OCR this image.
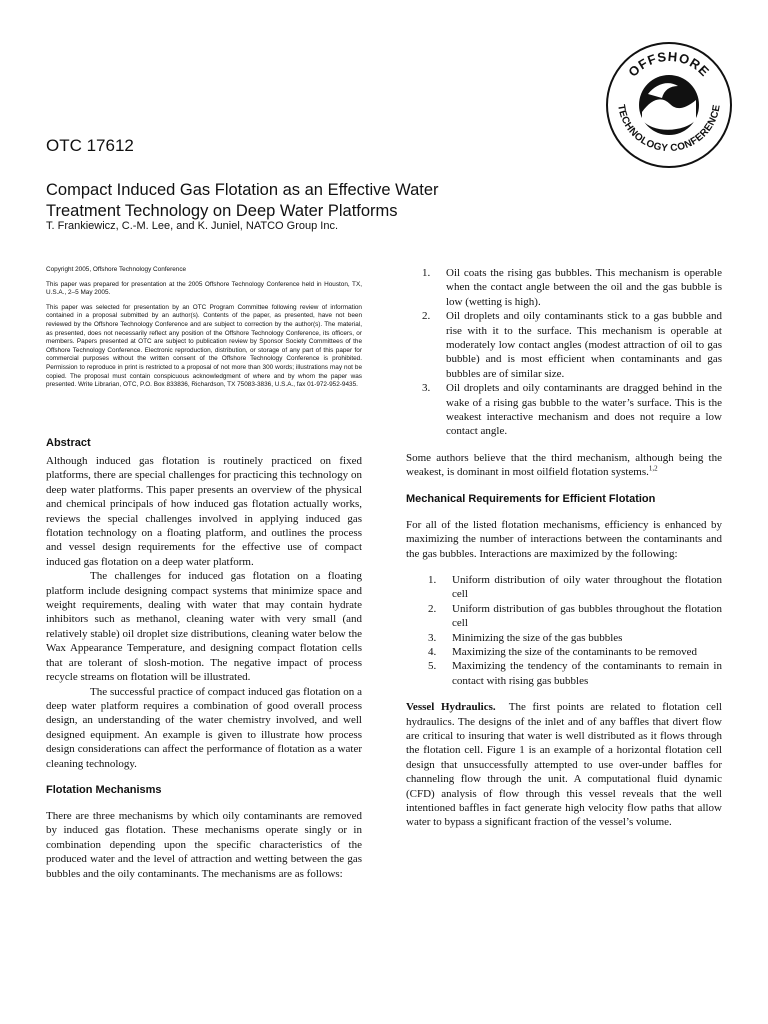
OFFSHORE
TECHNOLOGY CONFERENCE
OTC 17612
Compact Induced Gas Flotation as an Effective Water
Treatment Technology on Deep Water Platforms
T. Frankiewicz, C.-M. Lee, and K. Juniel, NATCO Group Inc.

Copyright 2005, Offshore Technology Conference

This paper was prepared for presentation at the 2005 Offshore Technology Conference held in Houston, TX, U.S.A., 2–5 May 2005.

This paper was selected for presentation by an OTC Program Committee following review of information contained in a proposal submitted by an author(s). Contents of the paper, as presented, have not been reviewed by the Offshore Technology Conference and are subject to correction by the author(s). The material, as presented, does not necessarily reflect any position of the Offshore Technology Conference, its officers, or members. Papers presented at OTC are subject to publication review by Sponsor Society Committees of the Offshore Technology Conference. Electronic reproduction, distribution, or storage of any part of this paper for commercial purposes without the written consent of the Offshore Technology Conference is prohibited. Permission to reproduce in print is restricted to a proposal of not more than 300 words; illustrations may not be copied. The proposal must contain conspicuous acknowledgment of where and by whom the paper was presented. Write Librarian, OTC, P.O. Box 833836, Richardson, TX 75083-3836, U.S.A., fax 01-972-952-9435.

Abstract

Although induced gas flotation is routinely practiced on fixed platforms, there are special challenges for practicing this technology on deep water platforms. This paper presents an overview of the physical and chemical principals of how induced gas flotation actually works, reviews the special challenges involved in applying induced gas flotation technology on a floating platform, and outlines the process and vessel design requirements for the effective use of compact induced gas flotation on a deep water platform.

The challenges for induced gas flotation on a floating platform include designing compact systems that minimize space and weight requirements, dealing with water that may contain hydrate inhibitors such as methanol, cleaning water with very small (and relatively stable) oil droplet size distributions, cleaning water below the Wax Appearance Temperature, and designing compact flotation cells that are tolerant of slosh-motion. The negative impact of process recycle streams on flotation will be illustrated.

The successful practice of compact induced gas flotation on a deep water platform requires a combination of good overall process design, an understanding of the water chemistry involved, and well designed equipment. An example is given to illustrate how process design considerations can affect the performance of flotation as a water cleaning technology.

Flotation Mechanisms

There are three mechanisms by which oily contaminants are removed by induced gas flotation. These mechanisms operate singly or in combination depending upon the specific characteristics of the produced water and the level of attraction and wetting between the gas bubbles and the oily contaminants. The mechanisms are as follows:

1. Oil coats the rising gas bubbles. This mechanism is operable when the contact angle between the oil and the gas bubble is low (wetting is high).
2. Oil droplets and oily contaminants stick to a gas bubble and rise with it to the surface. This mechanism is operable at moderately low contact angles (modest attraction of oil to gas bubble) and is most efficient when contaminants and gas bubbles are of similar size.
3. Oil droplets and oily contaminants are dragged behind in the wake of a rising gas bubble to the water’s surface. This is the weakest interactive mechanism and does not require a low contact angle.

Some authors believe that the third mechanism, although being the weakest, is dominant in most oilfield flotation systems.$^{1,2}$

Mechanical Requirements for Efficient Flotation

For all of the listed flotation mechanisms, efficiency is enhanced by maximizing the number of interactions between the contaminants and the gas bubbles. Interactions are maximized by the following:

1. Uniform distribution of oily water throughout the flotation cell
2. Uniform distribution of gas bubbles throughout the flotation cell
3. Minimizing the size of the gas bubbles
4. Maximizing the size of the contaminants to be removed
5. Maximizing the tendency of the contaminants to remain in contact with rising gas bubbles

Vessel Hydraulics. The first points are related to flotation cell hydraulics. The designs of the inlet and of any baffles that divert flow are critical to insuring that water is well distributed as it flows through the flotation cell. Figure 1 is an example of a horizontal flotation cell design that unsuccessfully attempted to use over-under baffles for channeling flow through the unit. A computational fluid dynamic (CFD) analysis of flow through this vessel reveals that the well intentioned baffles in fact generate high velocity flow paths that allow water to bypass a significant fraction of the vessel’s volume.
